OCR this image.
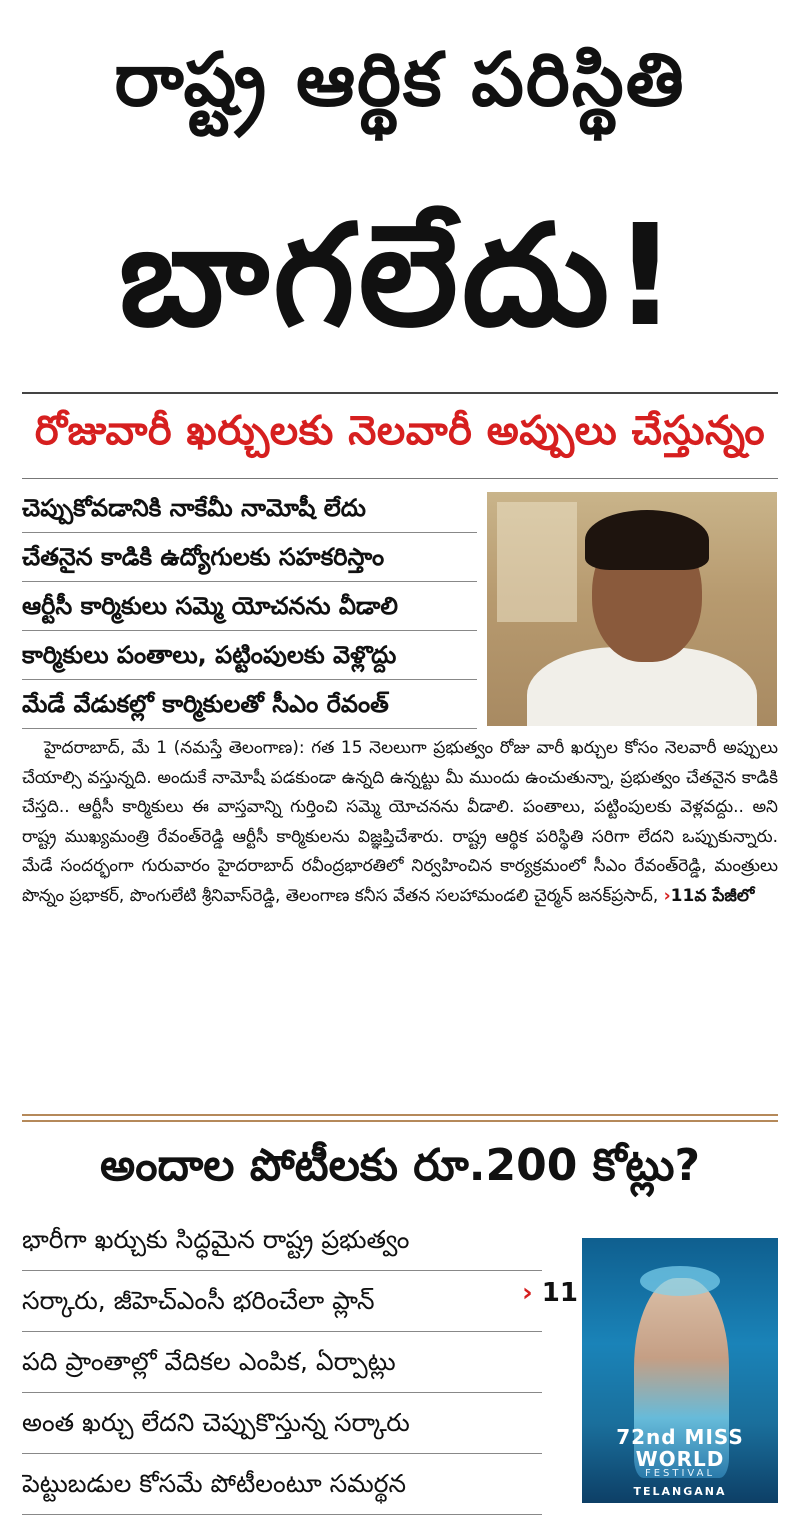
రాష్ట్ర ఆర్థిక పరిస్థితి
బాగలేదు!
రోజువారీ ఖర్చులకు నెలవారీ అప్పులు చేస్తున్నం
చెప్పుకోవడానికి నాకేమీ నామోషీ లేదు
చేతనైన కాడికి ఉద్యోగులకు సహకరిస్తాం
ఆర్టీసీ కార్మికులు సమ్మె యోచనను వీడాలి
కార్మికులు పంతాలు, పట్టింపులకు వెళ్లొద్దు
మేడే వేడుకల్లో కార్మికులతో సీఎం రేవంత్

హైదరాబాద్, మే 1 (నమస్తే తెలంగాణ): గత 15 నెలలుగా ప్రభుత్వం రోజు వారీ ఖర్చుల కోసం నెలవారీ అప్పులు చేయాల్సి వస్తున్నది. అందుకే నామోషీ పడకుండా ఉన్నది ఉన్నట్టు మీ ముందు ఉంచుతున్నా, ప్రభుత్వం చేతనైన కాడికి చేస్తది.. ఆర్టీసీ కార్మికులు ఈ వాస్తవాన్ని గుర్తించి సమ్మె యోచనను వీడాలి. పంతాలు, పట్టింపులకు వెళ్లవద్దు.. అని రాష్ట్ర ముఖ్యమంత్రి రేవంత్‌రెడ్డి ఆర్టీసీ కార్మికులను విజ్ఞప్తిచేశారు. రాష్ట్ర ఆర్థిక పరిస్థితి సరిగా లేదని ఒప్పుకున్నారు. మేడే సందర్భంగా గురువారం హైదరాబాద్ రవీంద్రభారతిలో నిర్వహించిన కార్యక్రమంలో సీఎం రేవంత్‌రెడ్డి, మంత్రులు పొన్నం ప్రభాకర్, పొంగులేటి శ్రీనివాస్‌రెడ్డి, తెలంగాణ కనీస వేతన సలహామండలి చైర్మన్ జనక్‌ప్రసాద్, ›11వ పేజీలో

అందాల పోటీలకు రూ.200 కోట్లు?
భారీగా ఖర్చుకు సిద్ధమైన రాష్ట్ర ప్రభుత్వం
సర్కారు, జీహెచ్‌ఎంసీ భరించేలా ప్లాన్
పది ప్రాంతాల్లో వేదికల ఎంపిక, ఏర్పాట్లు
అంత ఖర్చు లేదని చెప్పుకొస్తున్న సర్కారు
పెట్టుబడుల కోసమే పోటీలంటూ సమర్థన
› 11
72nd MISS WORLD
FESTIVAL
TELANGANA
